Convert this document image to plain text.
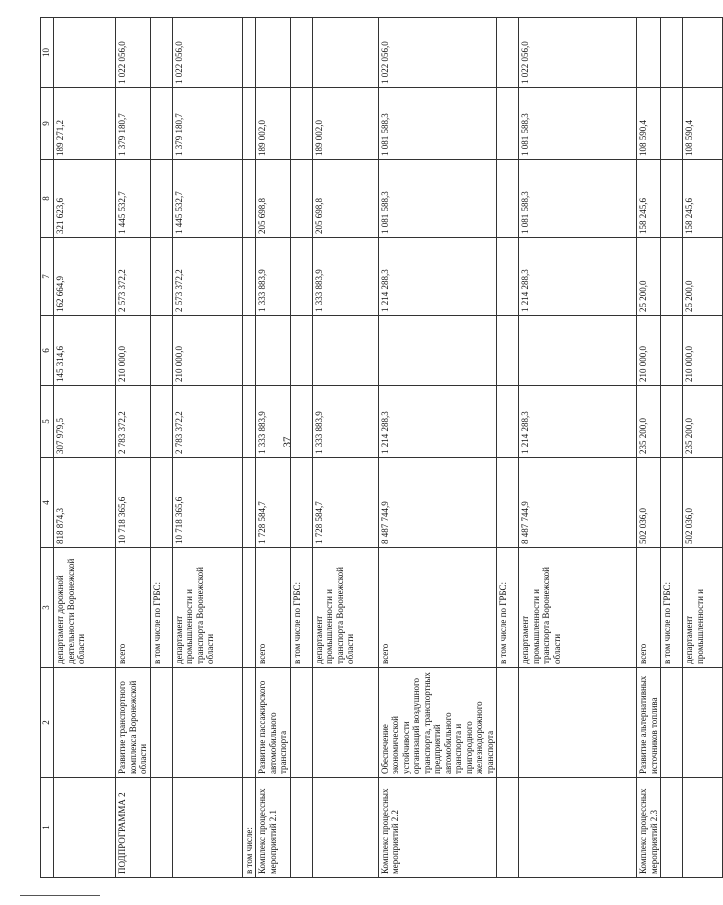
37
1	2	3	4	5	6	7	8	9	10
		департамент дорожной деятельности Воронежской области	818 874,3	307 979,5	145 314,6	162 664,9	321 623,6	189 271,2	
ПОДПРОГРАММА 2	Развитие транспортного комплекса Воронежской области	всего	10 718 365,6	2 783 372,2	210 000,0	2 573 372,2	1 445 532,7	1 379 180,7	1 022 056,0
		в том числе по ГРБС:							
		департамент промышленности и транспорта Воронежской области	10 718 365,6	2 783 372,2	210 000,0	2 573 372,2	1 445 532,7	1 379 180,7	1 022 056,0
в том числе:									
Комплекс процессных мероприятий 2.1	Развитие пассажирского автомобильного транспорта	всего	1 728 584,7	1 333 883,9		1 333 883,9	205 698,8	189 002,0	
		в том числе по ГРБС:							
		департамент промышленности и транспорта Воронежской области	1 728 584,7	1 333 883,9		1 333 883,9	205 698,8	189 002,0	
Комплекс процессных мероприятий 2.2	Обеспечение экономической устойчивости организаций воздушного транспорта, транспортных предприятий автомобильного транспорта и пригородного железнодорожного транспорта	всего	8 487 744,9	1 214 288,3		1 214 288,3	1 081 588,3	1 081 588,3	1 022 056,0
		в том числе по ГРБС:							
		департамент промышленности и транспорта Воронежской области	8 487 744,9	1 214 288,3		1 214 288,3	1 081 588,3	1 081 588,3	1 022 056,0
Комплекс процессных мероприятий 2.3	Развитие альтернативных источников топлива	всего	502 036,0	235 200,0	210 000,0	25 200,0	158 245,6	108 590,4	
		в том числе по ГРБС:							
		департамент промышленности и	502 036,0	235 200,0	210 000,0	25 200,0	158 245,6	108 590,4	
